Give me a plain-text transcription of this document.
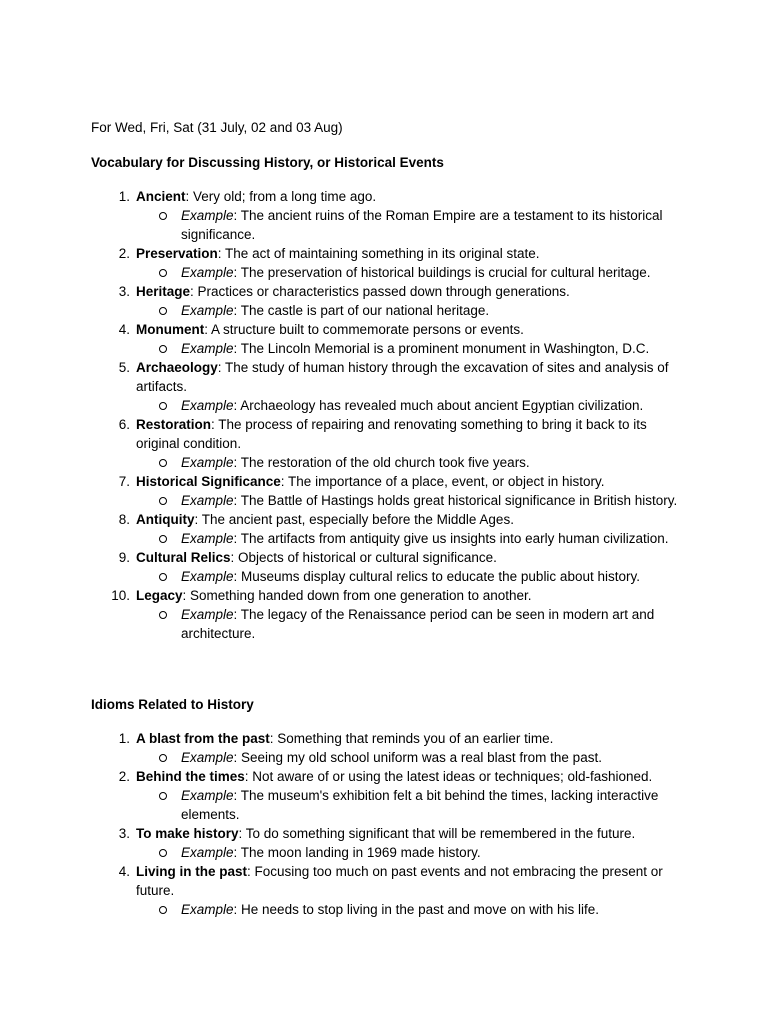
For Wed, Fri, Sat (31 July, 02 and 03 Aug)
Vocabulary for Discussing History, or Historical Events
1. Ancient: Very old; from a long time ago.
Example: The ancient ruins of the Roman Empire are a testament to its historical significance.
2. Preservation: The act of maintaining something in its original state.
Example: The preservation of historical buildings is crucial for cultural heritage.
3. Heritage: Practices or characteristics passed down through generations.
Example: The castle is part of our national heritage.
4. Monument: A structure built to commemorate persons or events.
Example: The Lincoln Memorial is a prominent monument in Washington, D.C.
5. Archaeology: The study of human history through the excavation of sites and analysis of artifacts.
Example: Archaeology has revealed much about ancient Egyptian civilization.
6. Restoration: The process of repairing and renovating something to bring it back to its original condition.
Example: The restoration of the old church took five years.
7. Historical Significance: The importance of a place, event, or object in history.
Example: The Battle of Hastings holds great historical significance in British history.
8. Antiquity: The ancient past, especially before the Middle Ages.
Example: The artifacts from antiquity give us insights into early human civilization.
9. Cultural Relics: Objects of historical or cultural significance.
Example: Museums display cultural relics to educate the public about history.
10. Legacy: Something handed down from one generation to another.
Example: The legacy of the Renaissance period can be seen in modern art and architecture.
Idioms Related to History
1. A blast from the past: Something that reminds you of an earlier time.
Example: Seeing my old school uniform was a real blast from the past.
2. Behind the times: Not aware of or using the latest ideas or techniques; old-fashioned.
Example: The museum's exhibition felt a bit behind the times, lacking interactive elements.
3. To make history: To do something significant that will be remembered in the future.
Example: The moon landing in 1969 made history.
4. Living in the past: Focusing too much on past events and not embracing the present or future.
Example: He needs to stop living in the past and move on with his life.
